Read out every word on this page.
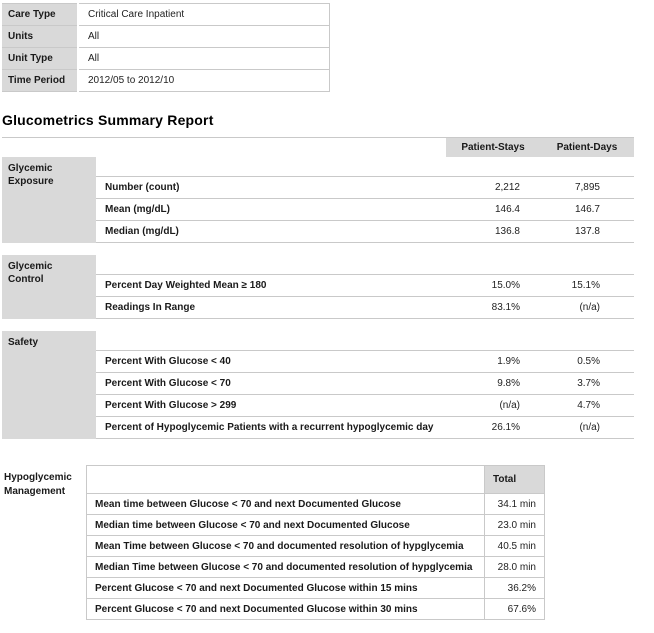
Care Type	Critical Care Inpatient
Units	All
Unit Type	All
Time Period	2012/05 to 2012/10
Glucometrics Summary Report
		Patient-Stays	Patient-Days
Glycemic Exposure			
	Number (count)	2,212	7,895
	Mean (mg/dL)	146.4	146.7
	Median (mg/dL)	136.8	137.8

Glycemic Control			
	Percent Day Weighted Mean ≥ 180	15.0%	15.1%
	Readings In Range	83.1%	(n/a)

Safety			
	Percent With Glucose < 40	1.9%	0.5%
	Percent With Glucose < 70	9.8%	3.7%
	Percent With Glucose > 299	(n/a)	4.7%
	Percent of Hypoglycemic Patients with a recurrent hypoglycemic day	26.1%	(n/a)
Hypoglycemic Management
	Total
Mean time between Glucose < 70 and next Documented Glucose	34.1 min
Median time between Glucose < 70 and next Documented Glucose	23.0 min
Mean Time between Glucose < 70 and documented resolution of hypglycemia	40.5 min
Median Time between Glucose < 70 and documented resolution of hypglycemia	28.0 min
Percent Glucose < 70 and next Documented Glucose within 15 mins	36.2%
Percent Glucose < 70 and next Documented Glucose within 30 mins	67.6%
